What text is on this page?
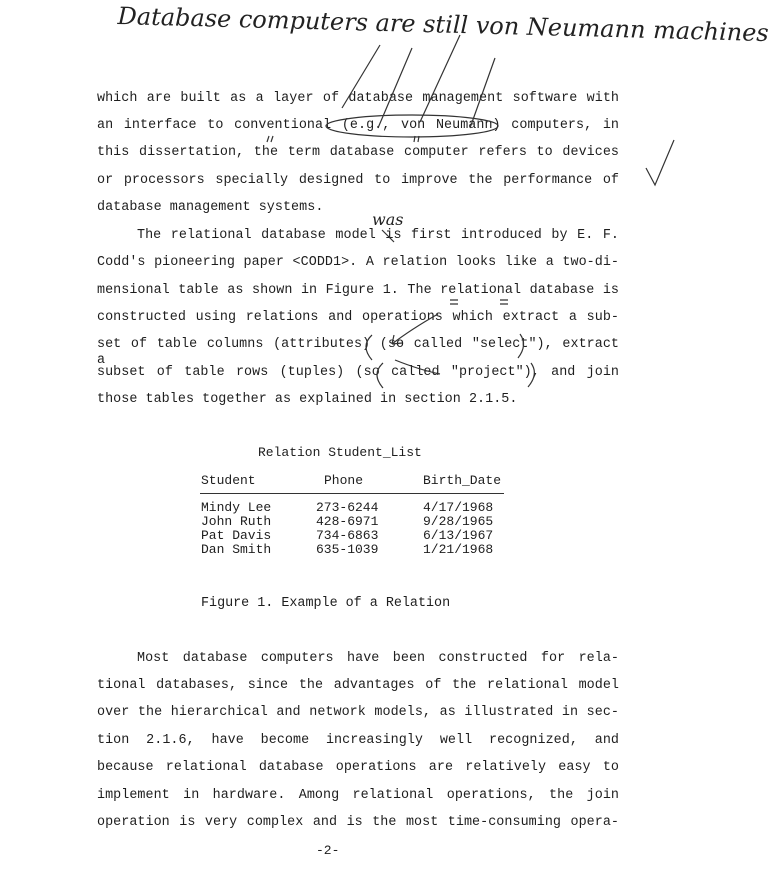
Database computers are still von Neumann machines
was
which are built as a layer of database management software with
an interface to conventional (e.g., von Neumann) computers, in
this dissertation, the term database computer refers to devices
or processors specially designed to improve the performance of
database management systems.
The relational database model is first introduced by E. F.
Codd's pioneering paper <CODD1>. A relation looks like a two-di-
mensional table as shown in Figure 1. The relational database is
constructed using relations and operations which extract a sub-
set of table columns (attributes) (so called "select"), extract a
subset of table rows (tuples) (so called "project"), and join
those tables together as explained in section 2.1.5.
Relation Student_List
Student	Phone	Birth_Date
Mindy Lee	273-6244	4/17/1968
John Ruth	428-6971	9/28/1965
Pat Davis	734-6863	6/13/1967
Dan Smith	635-1039	1/21/1968
Figure 1. Example of a Relation
Most database computers have been constructed for rela-
tional databases, since the advantages of the relational model
over the hierarchical and network models, as illustrated in sec-
tion 2.1.6, have become increasingly well recognized, and
because relational database operations are relatively easy to
implement in hardware. Among relational operations, the join
operation is very complex and is the most time-consuming opera-
-2-
